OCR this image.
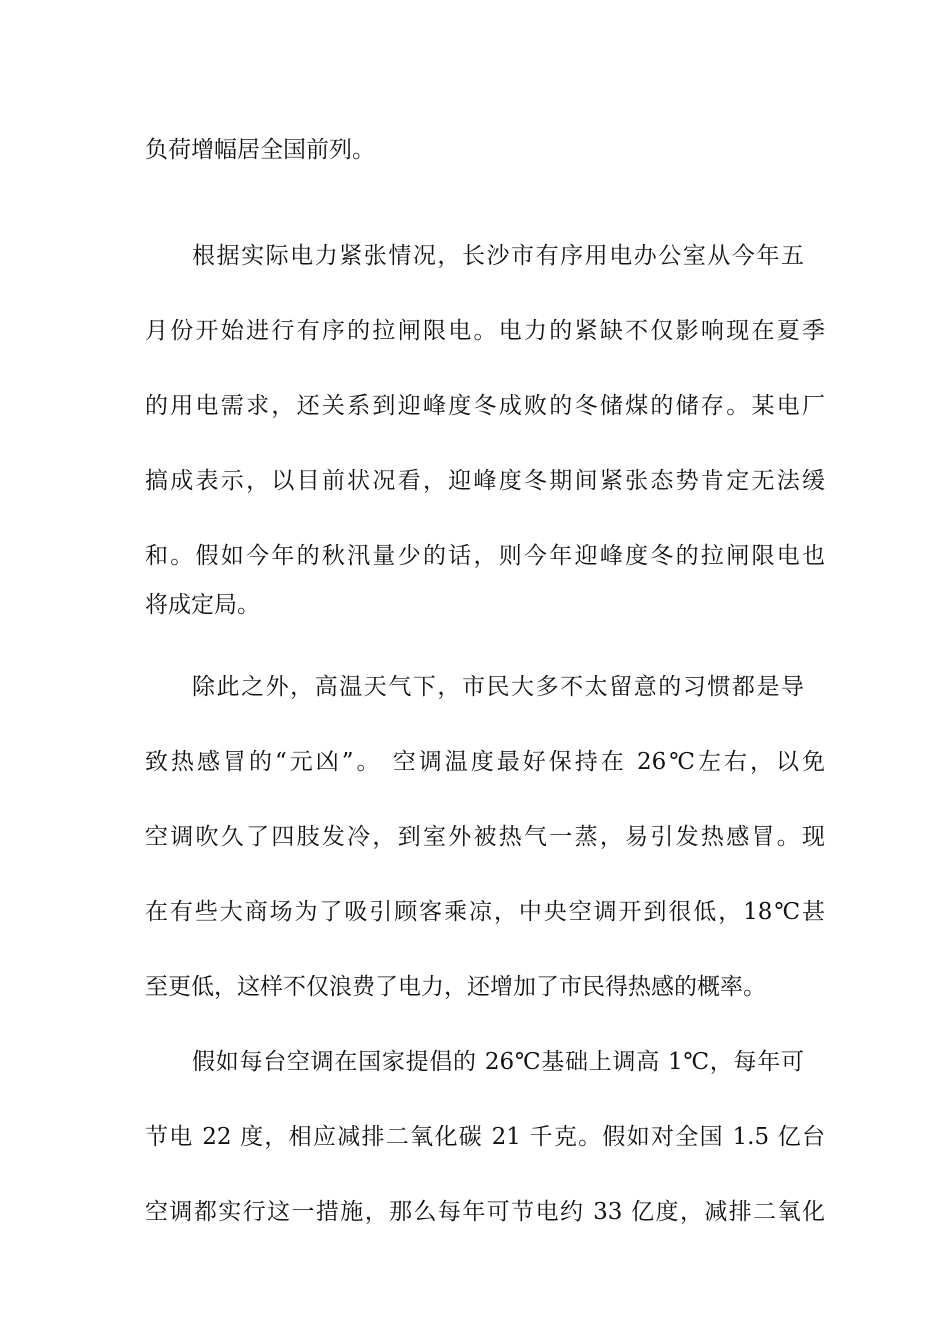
负荷增幅居全国前列。
根据实际电力紧张情况，长沙市有序用电办公室从今年五
月份开始进行有序的拉闸限电。电力的紧缺不仅影响现在夏季
的用电需求，还关系到迎峰度冬成败的冬储煤的储存。某电厂
搞成表示，以目前状况看，迎峰度冬期间紧张态势肯定无法缓
和。假如今年的秋汛量少的话，则今年迎峰度冬的拉闸限电也
将成定局。
除此之外，高温天气下，市民大多不太留意的习惯都是导
致热感冒的“元凶”。 空调温度最好保持在 26℃左右，以免
空调吹久了四肢发冷，到室外被热气一蒸，易引发热感冒。现
在有些大商场为了吸引顾客乘凉，中央空调开到很低，18℃甚
至更低，这样不仅浪费了电力，还增加了市民得热感的概率。
假如每台空调在国家提倡的 26℃基础上调高 1℃，每年可
节电 22 度，相应减排二氧化碳 21 千克。假如对全国 1.5 亿台
空调都实行这一措施，那么每年可节电约 33 亿度，减排二氧化
